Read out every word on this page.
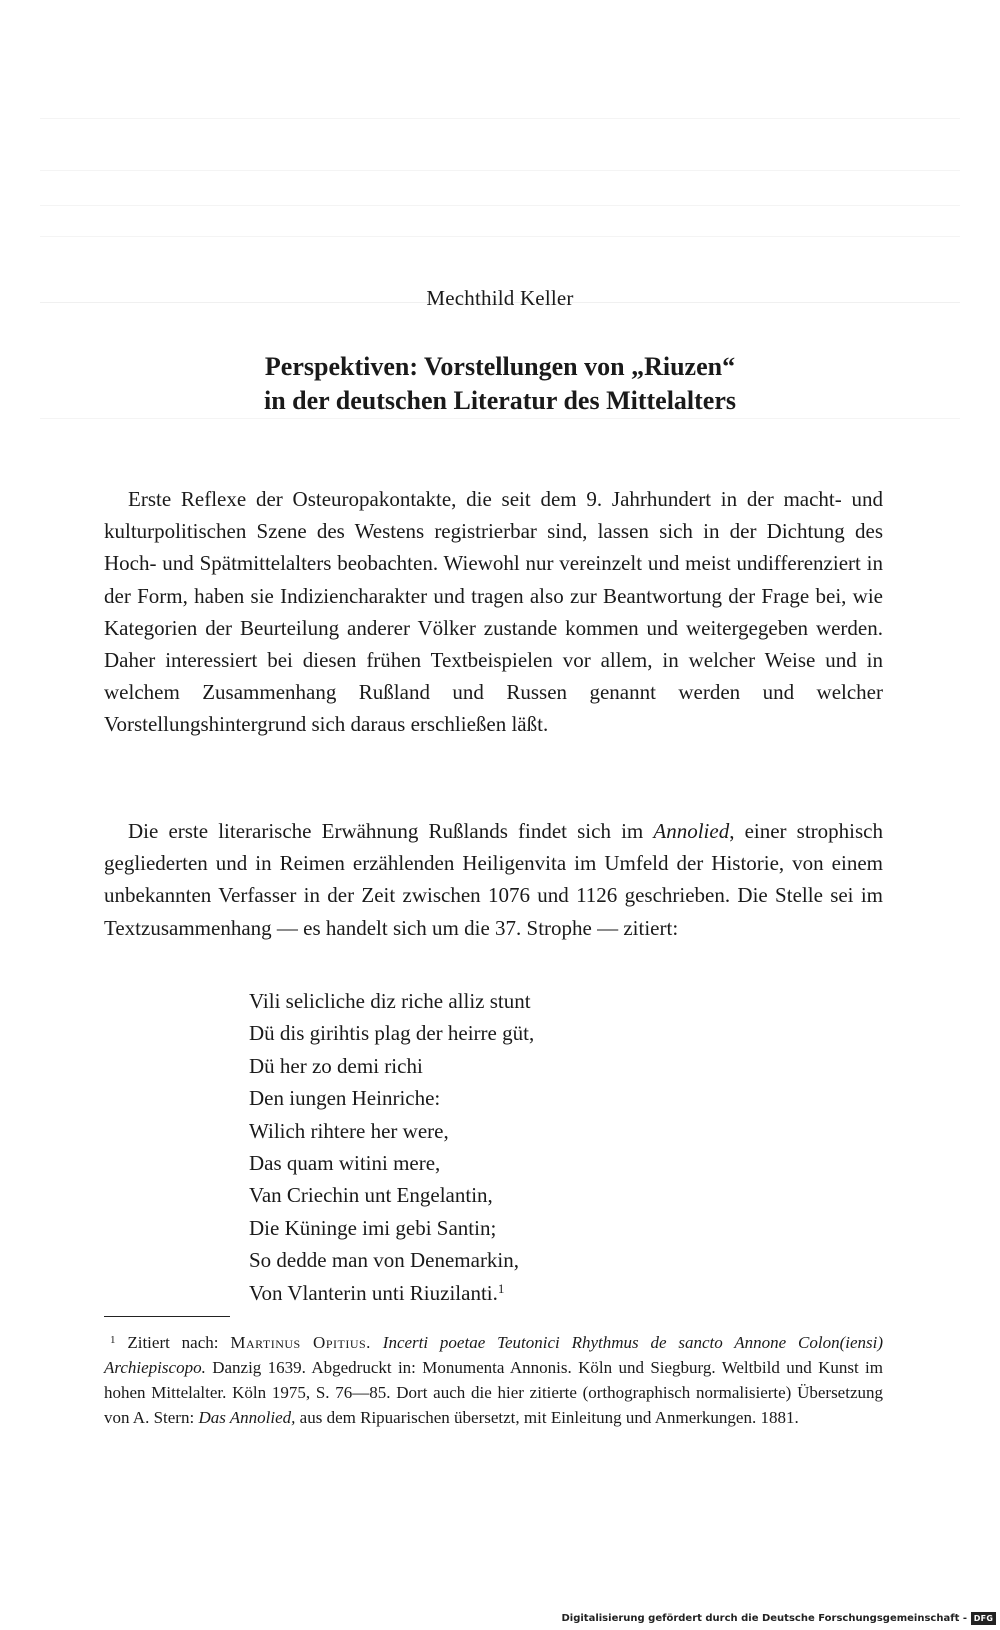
Mechthild Keller
Perspektiven: Vorstellungen von „Riuzen“
in der deutschen Literatur des Mittelalters

Erste Reflexe der Osteuropakontakte, die seit dem 9. Jahrhundert in der macht- und kulturpolitischen Szene des Westens registrierbar sind, lassen sich in der Dichtung des Hoch- und Spätmittelalters beobachten. Wiewohl nur vereinzelt und meist undifferenziert in der Form, haben sie Indiziencharakter und tragen also zur Beantwortung der Frage bei, wie Kategorien der Beurteilung anderer Völker zustande kommen und weitergegeben werden. Daher interessiert bei diesen frühen Textbeispielen vor allem, in welcher Weise und in welchem Zusammenhang Rußland und Russen genannt werden und welcher Vorstellungshintergrund sich daraus erschließen läßt.

Die erste literarische Erwähnung Rußlands findet sich im Annolied, einer strophisch gegliederten und in Reimen erzählenden Heiligenvita im Umfeld der Historie, von einem unbekannten Verfasser in der Zeit zwischen 1076 und 1126 geschrieben. Die Stelle sei im Textzusammenhang — es handelt sich um die 37. Strophe — zitiert:

Vili selicliche diz riche alliz stunt
Dü dis girihtis plag der heirre güt,
Dü her zo demi richi
Den iungen Heinriche:
Wilich rihtere her were,
Das quam witini mere,
Van Criechin unt Engelantin,
Die Küninge imi gebi Santin;
So dedde man von Denemarkin,
Von Vlanterin unti Riuzilanti.$^1$

$^1$ Zitiert nach: Martinus Opitius. Incerti poetae Teutonici Rhythmus de sancto Annone Colon(iensi) Archiepiscopo. Danzig 1639. Abgedruckt in: Monumenta Annonis. Köln und Siegburg. Weltbild und Kunst im hohen Mittelalter. Köln 1975, S. 76—85. Dort auch die hier zitierte (orthographisch normalisierte) Übersetzung von A. Stern: Das Annolied, aus dem Ripuarischen übersetzt, mit Einleitung und Anmerkungen. 1881.

Digitalisierung gefördert durch die Deutsche Forschungsgemeinschaft - DFG
